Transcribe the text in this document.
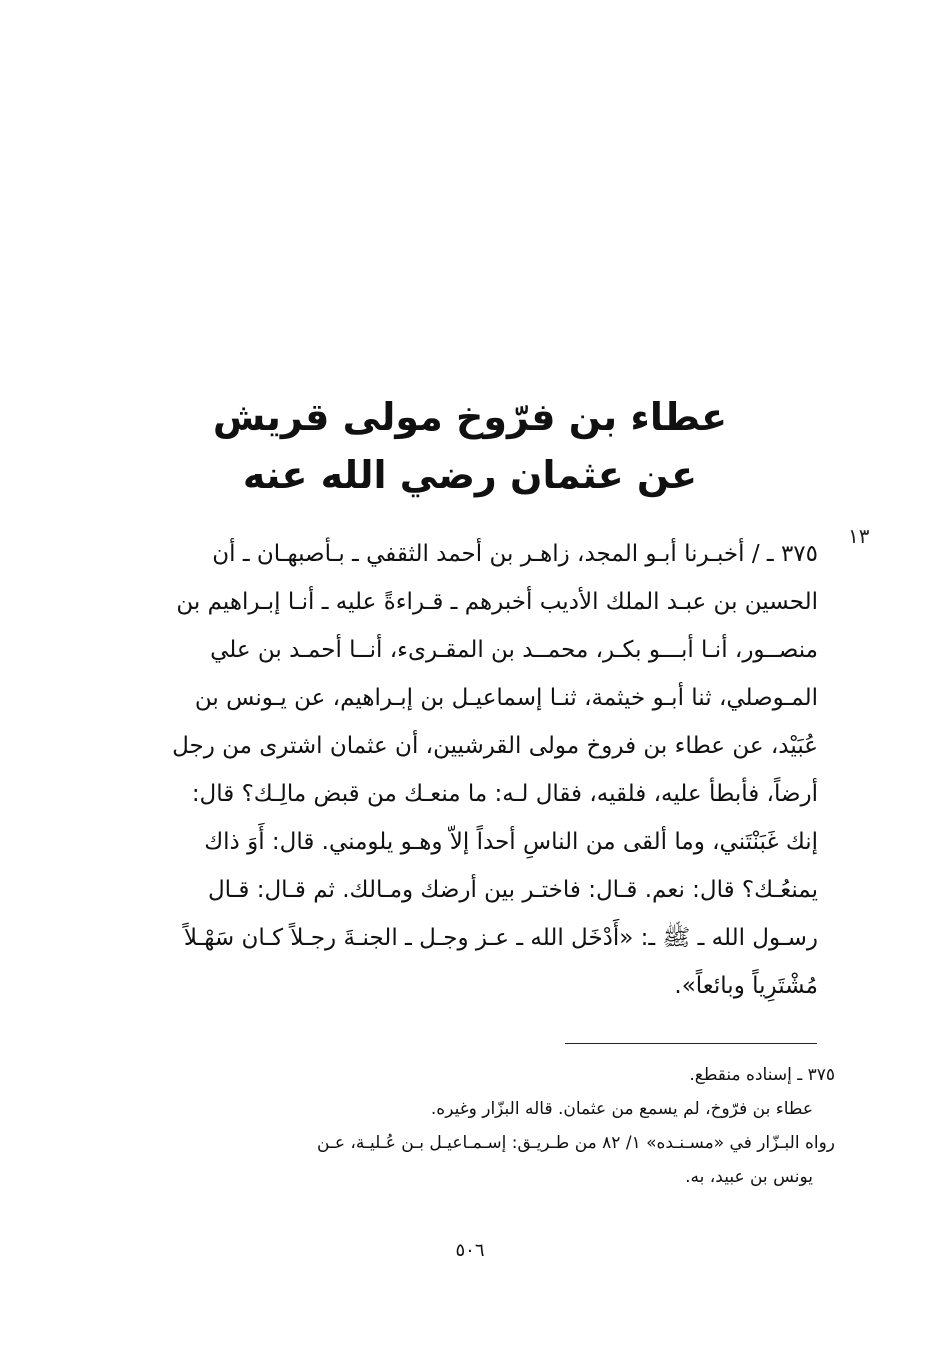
عطاء بن فرّوخ مولى قريش
عن عثمان رضي الله عنه
١٣
٣٧٥ ـ / أخبـرنا أبـو المجد، زاهـر بن أحمد الثقفي ـ بـأصبهـان ـ أن
الحسين بن عبـد الملك الأديب أخبرهم ـ قـراءةً عليه ـ أنـا إبـراهيم بن
منصــور، أنـا أبـــو بكـر، محمــد بن المقـرىء، أنــا أحمـد بن علي
المـوصلي، ثنا أبـو خيثمة، ثنـا إسماعيـل بن إبـراهيم، عن يـونس بن
عُبَيْد، عن عطاء بن فروخ مولى القرشيين، أن عثمان اشترى من رجل
أرضاً، فأبطأ عليه، فلقيه، فقال لـه: ما منعـك من قبض مالِـك؟ قال:
إنك غَبَنْتَني، وما ألقى من الناسِ أحداً إلاّ وهـو يلومني. قال: أَوَ ذاك
يمنعُـك؟ قال: نعم. قـال: فاختـر بين أرضك ومـالك. ثم قـال: قـال
رسـول الله ـ ﷺ ـ: «أَدْخَل الله ـ عـز وجـل ـ الجنـةَ رجـلاً كـان سَهْـلاً
مُشْتَرِياً وبائعاً».
٣٧٥ ـ إسناده منقطع.
عطاء بن فرّوخ، لم يسمع من عثمان. قاله البزّار وغيره.
رواه البـزّار في «مسـنـده» ١/ ٨٢ من طـريـق: إسـمـاعيـل بـن عُـليـة، عـن
يونس بن عبيد، به.
٥٠٦
